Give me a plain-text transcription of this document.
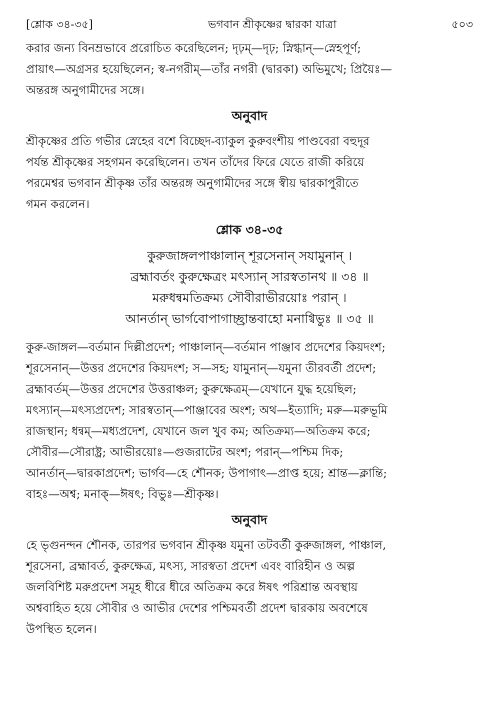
[শ্লোক ৩৪-৩৫]	ভগবান শ্রীকৃষ্ণের দ্বারকা যাত্রা	৫০৩

করার জন্য বিনম্রভাবে প্ররোচিত করেছিলেন; দৃঢ়ম্—দৃঢ়; স্নিগ্ধান্—স্নেহপূর্ণ;

প্রায়াৎ—অগ্রসর হয়েছিলেন; স্ব-নগরীম্—তাঁর নগরী (দ্বারকা) অভিমুখে; প্রিয়ৈঃ—

অন্তরঙ্গ অনুগামীদের সঙ্গে।

অনুবাদ

শ্রীকৃষ্ণের প্রতি গভীর স্নেহের বশে বিচ্ছেদ-ব্যাকুল কুরুবংশীয় পাণ্ডবেরা বহুদূর

পর্যন্ত শ্রীকৃষ্ণের সহগমন করেছিলেন। তখন তাঁদের ফিরে যেতে রাজী করিয়ে

পরমেশ্বর ভগবান শ্রীকৃষ্ণ তাঁর অন্তরঙ্গ অনুগামীদের সঙ্গে স্বীয় দ্বারকাপুরীতে

গমন করলেন।

শ্লোক ৩৪-৩৫

কুরুজাঙ্গলপাঞ্চালান্ শূরসেনান্ সযামুনান্ ।

ব্রহ্মাবর্তং কুরুক্ষেত্রং মৎস্যান্ সারস্বতানথ ॥ ৩৪ ॥

মরুধন্বমতিক্রম্য সৌবীরাভীরয়োঃ পরান্ ।

আনর্তান্ ভার্গবোপাগাচ্ছ্রান্তবাহো মনাগ্বিভুঃ ॥ ৩৫ ॥

কুরু-জাঙ্গল—বর্তমান দিল্লীপ্রদেশ; পাঞ্চালান্—বর্তমান পাঞ্জাব প্রদেশের কিয়দংশ;

শূরসেনান্—উত্তর প্রদেশের কিয়দংশ; স—সহ; যামুনান্—যমুনা তীরবর্তী প্রদেশ;

ব্রহ্মাবর্তম্—উত্তর প্রদেশের উত্তরাঞ্চল; কুরুক্ষেত্রম্—যেখানে যুদ্ধ হয়েছিল;

মৎস্যান্—মৎস্যপ্রদেশ; সারস্বতান্—পাঞ্জাবের অংশ; অথ—ইত্যাদি; মরু—মরুভূমি

রাজস্থান; ধন্বম্—মধ্যপ্রদেশ, যেখানে জল খুব কম; অতিক্রম্য—অতিক্রম করে;

সৌবীর—সৌরাষ্ট্র; আভীরয়োঃ—গুজরাটের অংশ; পরান্—পশ্চিম দিক;

আনর্তান্—দ্বারকাপ্রদেশ; ভার্গব—হে শৌনক; উপাগাৎ—প্রাপ্ত হয়ে; শ্রান্ত—ক্লান্তি;

বাহঃ—অশ্ব; মনাক্—ঈষৎ; বিভুঃ—শ্রীকৃষ্ণ।

অনুবাদ

হে ভৃগুনন্দন শৌনক, তারপর ভগবান শ্রীকৃষ্ণ যমুনা তটবর্তী কুরুজাঙ্গল, পাঞ্চাল,

শূরসেনা, ব্রহ্মাবর্ত, কুরুক্ষেত্র, মৎস্য, সারস্বতা প্রদেশ এবং বারিহীন ও অল্প

জলবিশিষ্ট মরুপ্রদেশ সমূহ ধীরে ধীরে অতিক্রম করে ঈষৎ পরিশ্রান্ত অবস্থায়

অশ্ববাহিত হয়ে সৌবীর ও আভীর দেশের পশ্চিমবর্তী প্রদেশ দ্বারকায় অবশেষে

উপস্থিত হলেন।
